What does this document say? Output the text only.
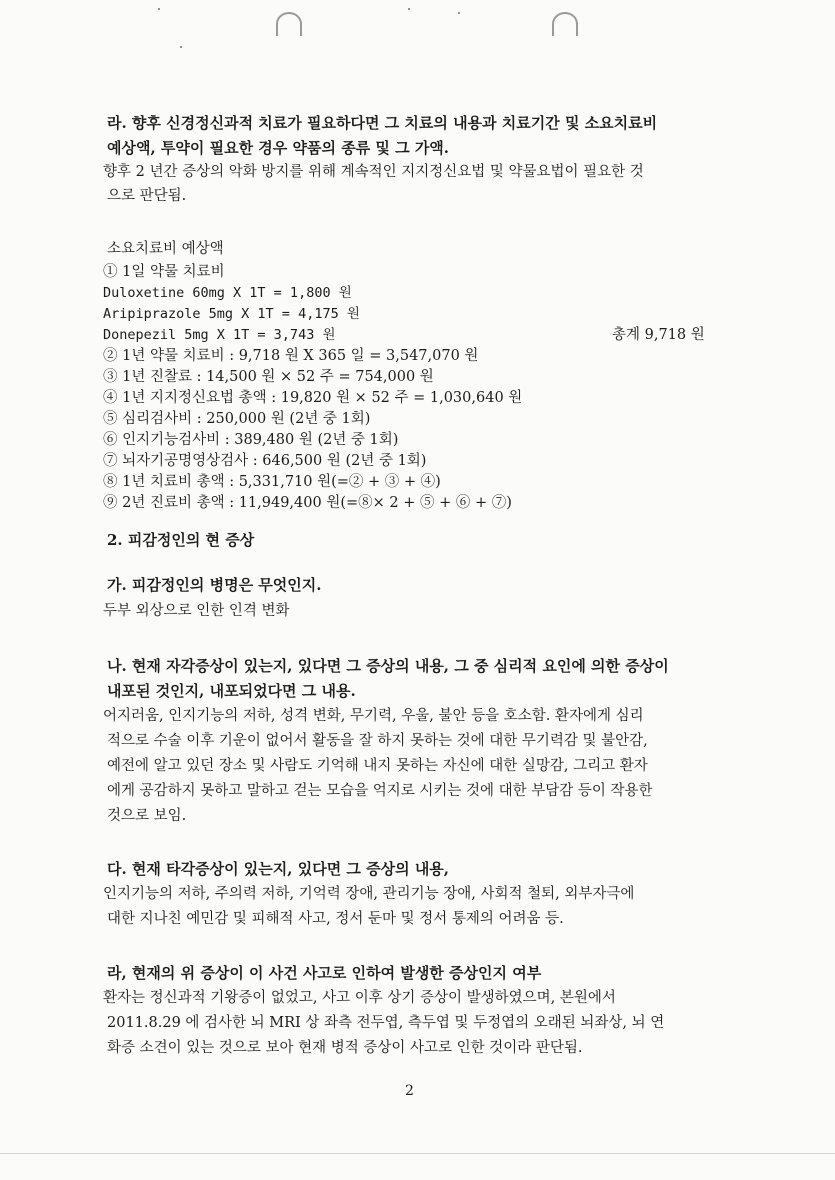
라. 향후 신경정신과적 치료가 필요하다면 그 치료의 내용과 치료기간 및 소요치료비
예상액, 투약이 필요한 경우 약품의 종류 및 그 가액.
향후 2 년간 증상의 악화 방지를 위해 계속적인 지지정신요법 및 약물요법이 필요한 것
으로 판단됨.
소요치료비 예상액
① 1일 약물 치료비
Duloxetine 60mg X 1T = 1,800 원
Aripiprazole 5mg X 1T = 4,175 원
Donepezil 5mg X 1T = 3,743 원	총계 9,718 원
② 1년 약물 치료비 : 9,718 원 X 365 일 = 3,547,070 원
③ 1년 진찰료 : 14,500 원 × 52 주 = 754,000 원
④ 1년 지지정신요법 총액 : 19,820 원 × 52 주 = 1,030,640 원
⑤ 심리검사비 : 250,000 원 (2년 중 1회)
⑥ 인지기능검사비 : 389,480 원 (2년 중 1회)
⑦ 뇌자기공명영상검사 : 646,500 원 (2년 중 1회)
⑧ 1년 치료비 총액 : 5,331,710 원(=② + ③ + ④)
⑨ 2년 진료비 총액 : 11,949,400 원(=⑧× 2 + ⑤ + ⑥ + ⑦)
2. 피감정인의 현 증상
가. 피감정인의 병명은 무엇인지.
두부 외상으로 인한 인격 변화
나. 현재 자각증상이 있는지, 있다면 그 증상의 내용, 그 중 심리적 요인에 의한 증상이
내포된 것인지, 내포되었다면 그 내용.
어지러움, 인지기능의 저하, 성격 변화, 무기력, 우울, 불안 등을 호소함. 환자에게 심리
적으로 수술 이후 기운이 없어서 활동을 잘 하지 못하는 것에 대한 무기력감 및 불안감,
예전에 알고 있던 장소 및 사람도 기억해 내지 못하는 자신에 대한 실망감, 그리고 환자
에게 공감하지 못하고 말하고 걷는 모습을 억지로 시키는 것에 대한 부담감 등이 작용한
것으로 보임.
다. 현재 타각증상이 있는지, 있다면 그 증상의 내용,
인지기능의 저하, 주의력 저하, 기억력 장애, 관리기능 장애, 사회적 철퇴, 외부자극에
대한 지나친 예민감 및 피해적 사고, 정서 둔마 및 정서 통제의 어려움 등.
라, 현재의 위 증상이 이 사건 사고로 인하여 발생한 증상인지 여부
환자는 정신과적 기왕증이 없었고, 사고 이후 상기 증상이 발생하였으며, 본원에서
2011.8.29 에 검사한 뇌 MRI 상 좌측 전두엽, 측두엽 및 두정엽의 오래된 뇌좌상, 뇌 연
화증 소견이 있는 것으로 보아 현재 병적 증상이 사고로 인한 것이라 판단됨.
2
